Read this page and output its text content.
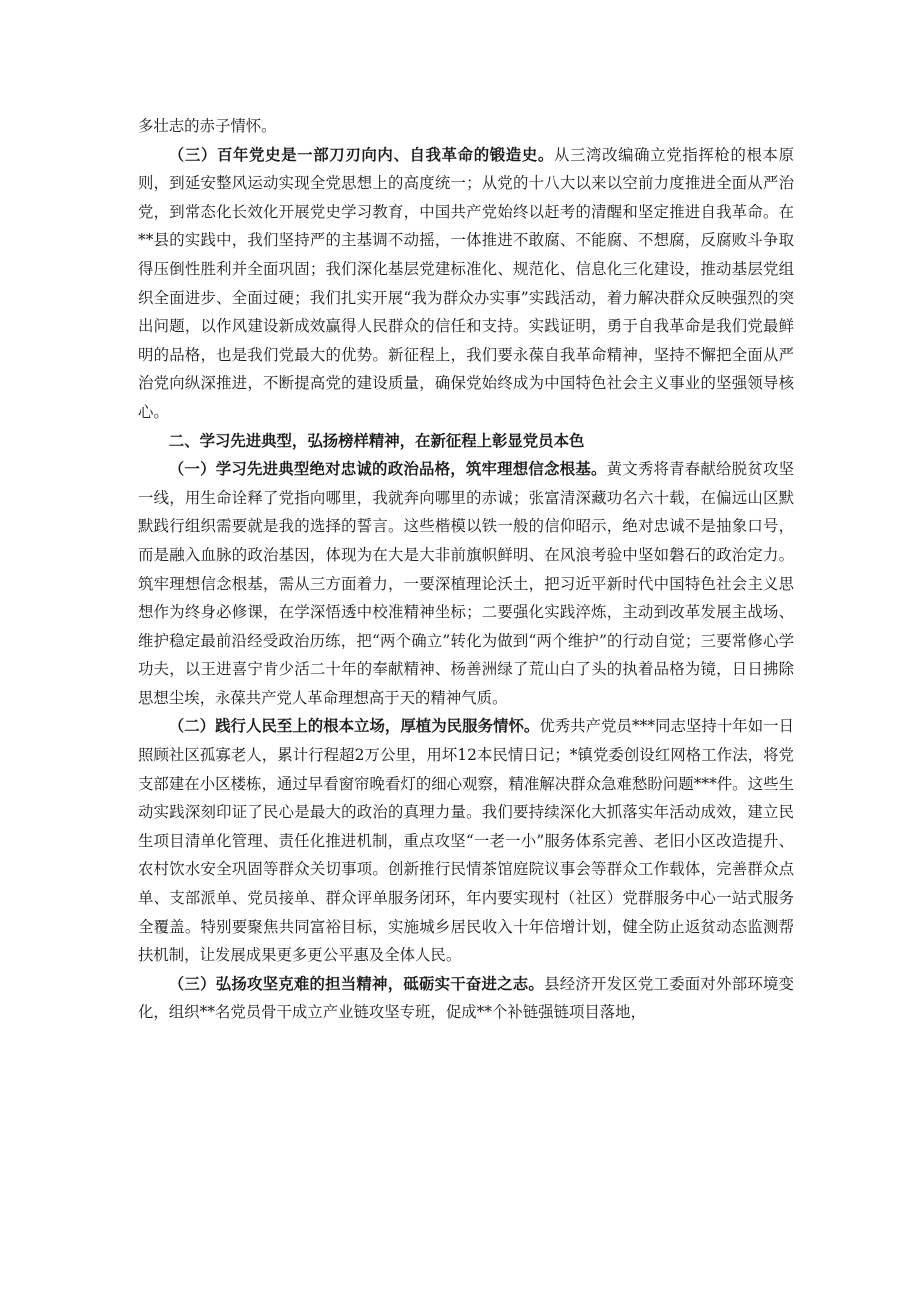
多壮志的赤子情怀。

（三）百年党史是一部刀刃向内、自我革命的锻造史。从三湾改编确立党指挥枪的根本原则，到延安整风运动实现全党思想上的高度统一；从党的十八大以来以空前力度推进全面从严治党，到常态化长效化开展党史学习教育，中国共产党始终以赶考的清醒和坚定推进自我革命。在**县的实践中，我们坚持严的主基调不动摇，一体推进不敢腐、不能腐、不想腐，反腐败斗争取得压倒性胜利并全面巩固；我们深化基层党建标准化、规范化、信息化三化建设，推动基层党组织全面进步、全面过硬；我们扎实开展“我为群众办实事”实践活动，着力解决群众反映强烈的突出问题，以作风建设新成效赢得人民群众的信任和支持。实践证明，勇于自我革命是我们党最鲜明的品格，也是我们党最大的优势。新征程上，我们要永葆自我革命精神，坚持不懈把全面从严治党向纵深推进，不断提高党的建设质量，确保党始终成为中国特色社会主义事业的坚强领导核心。

二、学习先进典型，弘扬榜样精神，在新征程上彰显党员本色

（一）学习先进典型绝对忠诚的政治品格，筑牢理想信念根基。黄文秀将青春献给脱贫攻坚一线，用生命诠释了党指向哪里，我就奔向哪里的赤诚；张富清深藏功名六十载，在偏远山区默默践行组织需要就是我的选择的誓言。这些楷模以铁一般的信仰昭示，绝对忠诚不是抽象口号，而是融入血脉的政治基因，体现为在大是大非前旗帜鲜明、在风浪考验中坚如磐石的政治定力。筑牢理想信念根基，需从三方面着力，一要深植理论沃土，把习近平新时代中国特色社会主义思想作为终身必修课，在学深悟透中校准精神坐标；二要强化实践淬炼，主动到改革发展主战场、维护稳定最前沿经受政治历练，把“两个确立”转化为做到“两个维护”的行动自觉；三要常修心学功夫，以王进喜宁肯少活二十年的奉献精神、杨善洲绿了荒山白了头的执着品格为镜，日日拂除思想尘埃，永葆共产党人革命理想高于天的精神气质。

（二）践行人民至上的根本立场，厚植为民服务情怀。优秀共产党员***同志坚持十年如一日照顾社区孤寡老人，累计行程超2万公里，用坏12本民情日记；*镇党委创设红网格工作法，将党支部建在小区楼栋，通过早看窗帘晚看灯的细心观察，精准解决群众急难愁盼问题***件。这些生动实践深刻印证了民心是最大的政治的真理力量。我们要持续深化大抓落实年活动成效，建立民生项目清单化管理、责任化推进机制，重点攻坚“一老一小”服务体系完善、老旧小区改造提升、农村饮水安全巩固等群众关切事项。创新推行民情茶馆庭院议事会等群众工作载体，完善群众点单、支部派单、党员接单、群众评单服务闭环，年内要实现村（社区）党群服务中心一站式服务全覆盖。特别要聚焦共同富裕目标，实施城乡居民收入十年倍增计划，健全防止返贫动态监测帮扶机制，让发展成果更多更公平惠及全体人民。

（三）弘扬攻坚克难的担当精神，砥砺实干奋进之志。县经济开发区党工委面对外部环境变化，组织**名党员骨干成立产业链攻坚专班，促成**个补链强链项目落地，
